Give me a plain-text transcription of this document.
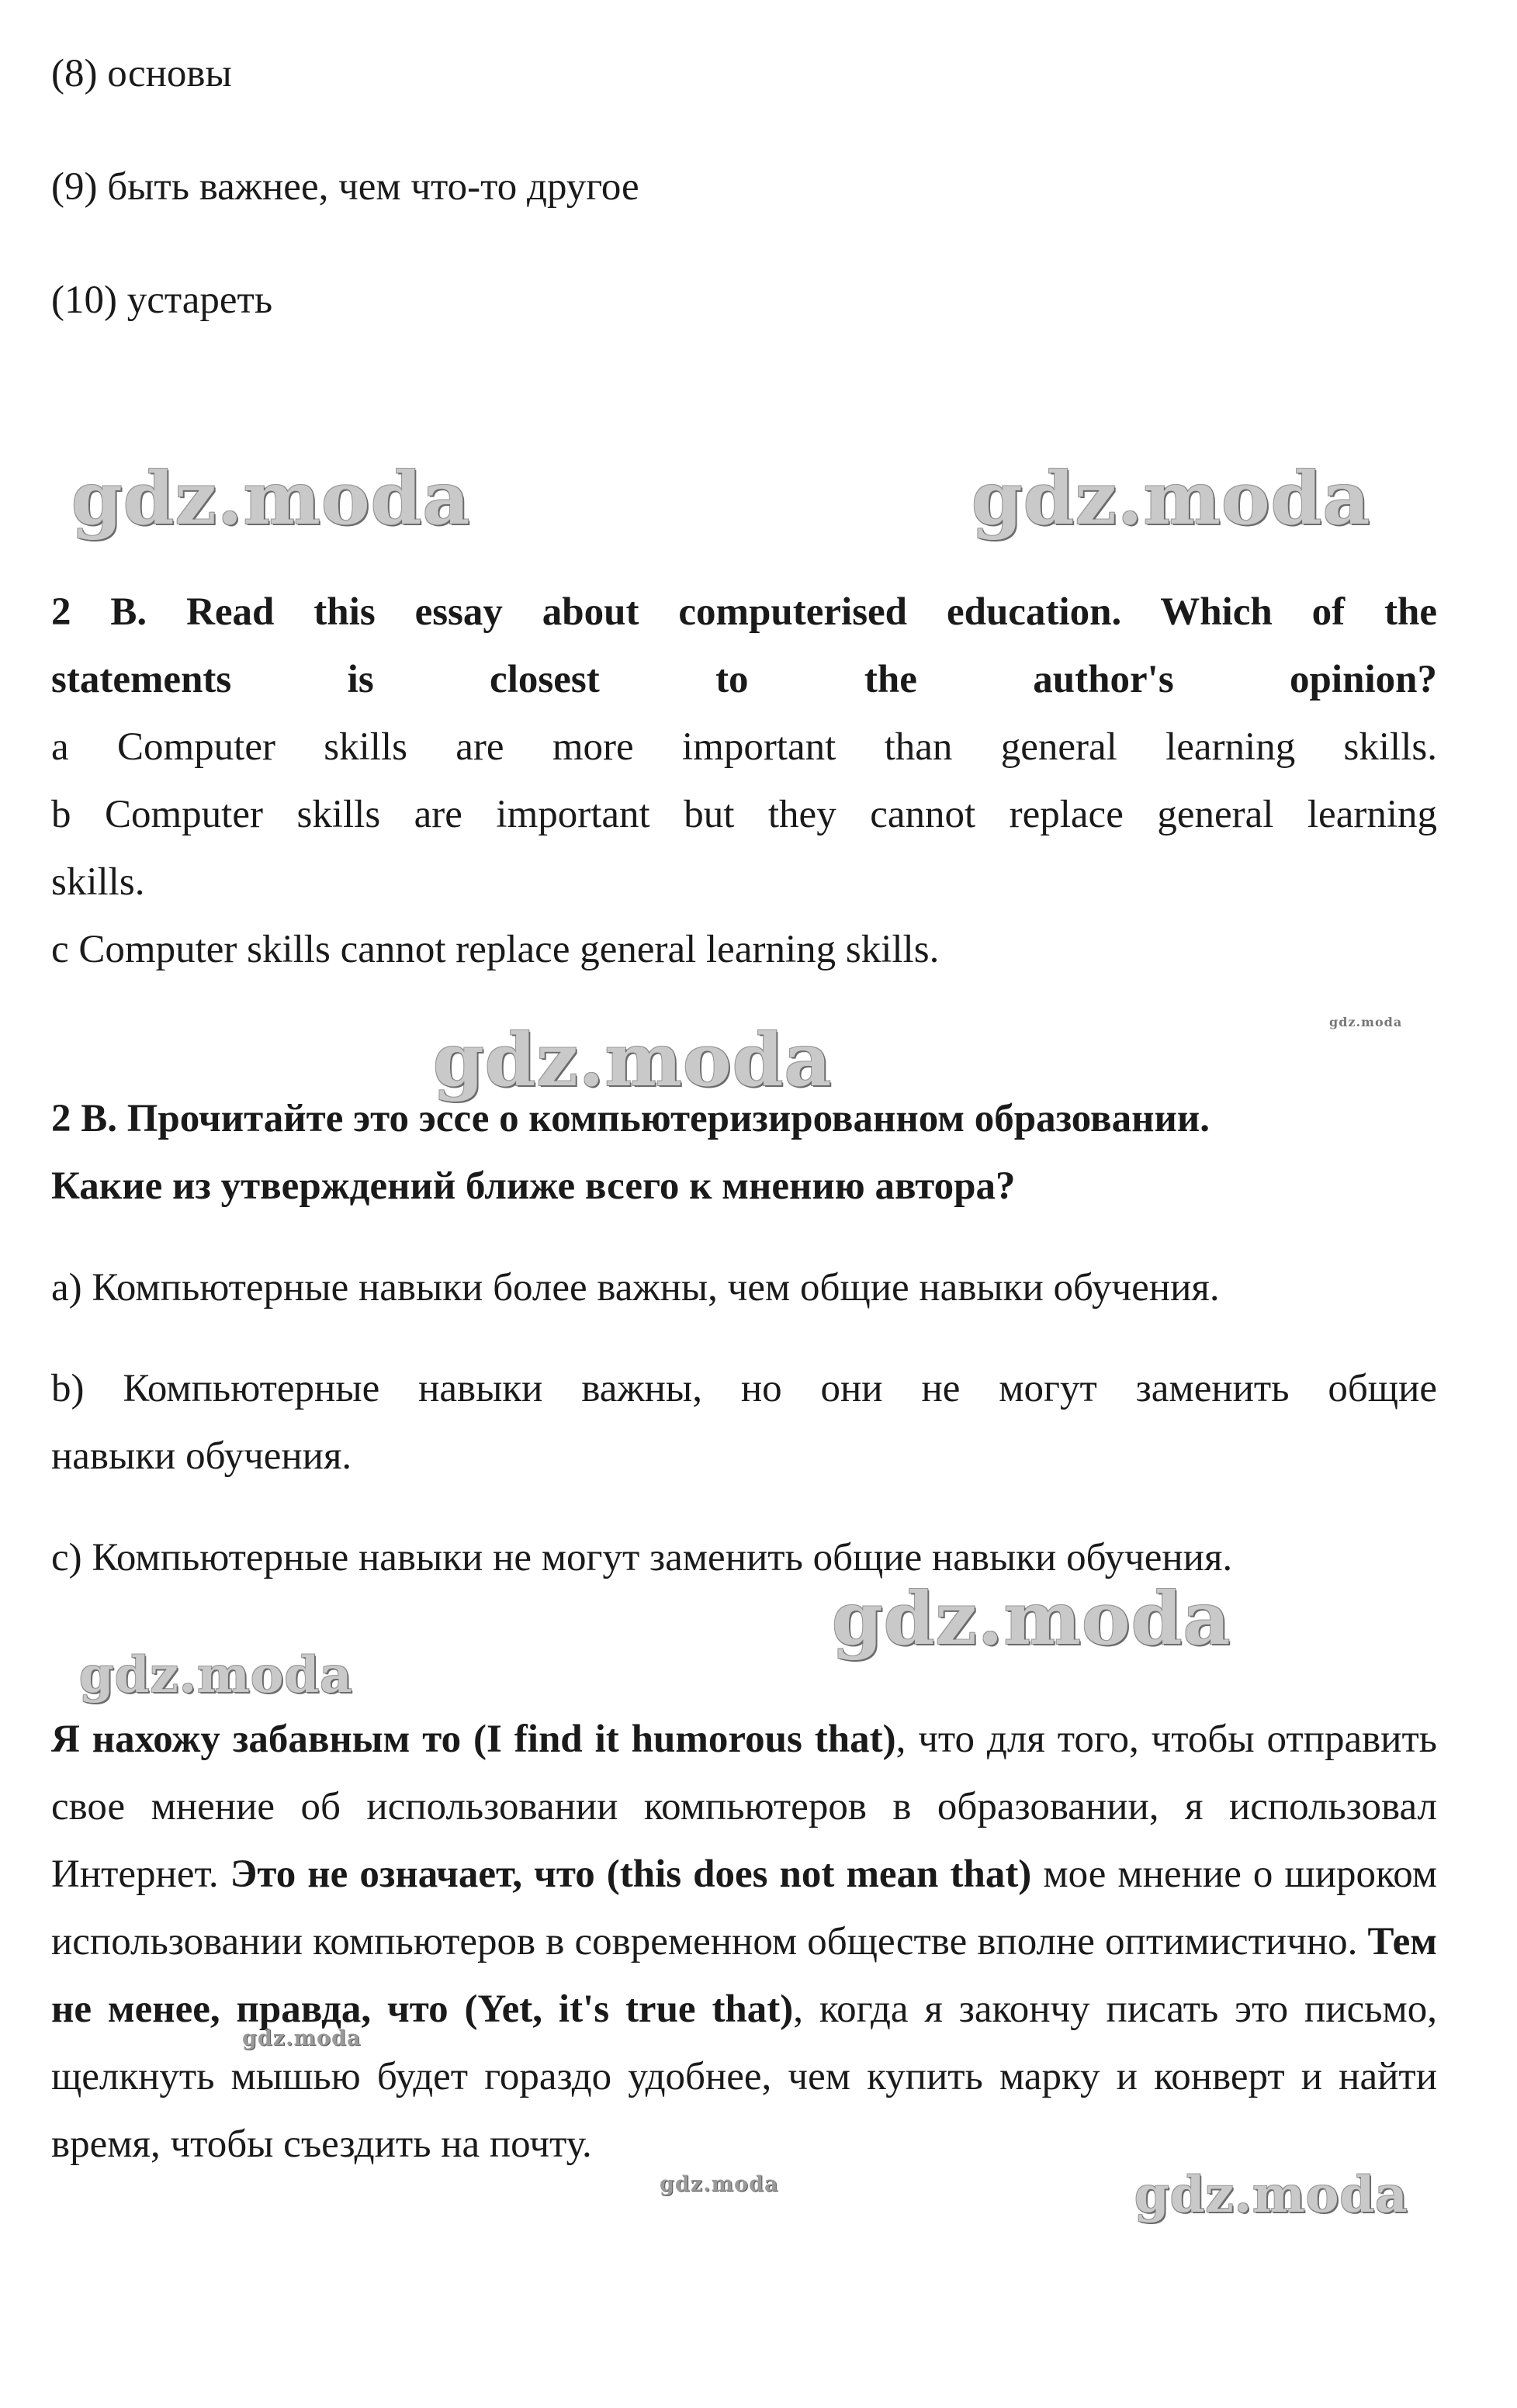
(8) основы
(9) быть важнее, чем что-то другое
(10) устареть
gdz.moda	gdz.moda
2 B. Read this essay about computerised education. Which of the
statements is closest to the author's opinion?
a Computer skills are more important than general learning skills.
b Computer skills are important but they cannot replace general learning
skills.
c Computer skills cannot replace general learning skills.
gdz.moda
gdz.moda
2 В. Прочитайте это эссе о компьютеризированном образовании.
Какие из утверждений ближе всего к мнению автора?
a) Компьютерные навыки более важны, чем общие навыки обучения.
b) Компьютерные навыки важны, но они не могут заменить общие
навыки обучения.
c) Компьютерные навыки не могут заменить общие навыки обучения.
gdz.moda
gdz.moda
Я нахожу забавным то (I find it humorous that), что для того, чтобы отправить свое мнение об использовании компьютеров в образовании, я использовал Интернет. Это не означает, что (this does not mean that) мое мнение о широком использовании компьютеров в современном обществе вполне оптимистично. Тем не менее, правда, что (Yet, it's true that), когда я закончу писать это письмо, щелкнуть мышью будет гораздо удобнее, чем купить марку и конверт и найти время, чтобы съездить на почту.
gdz.moda
gdz.moda	gdz.moda
